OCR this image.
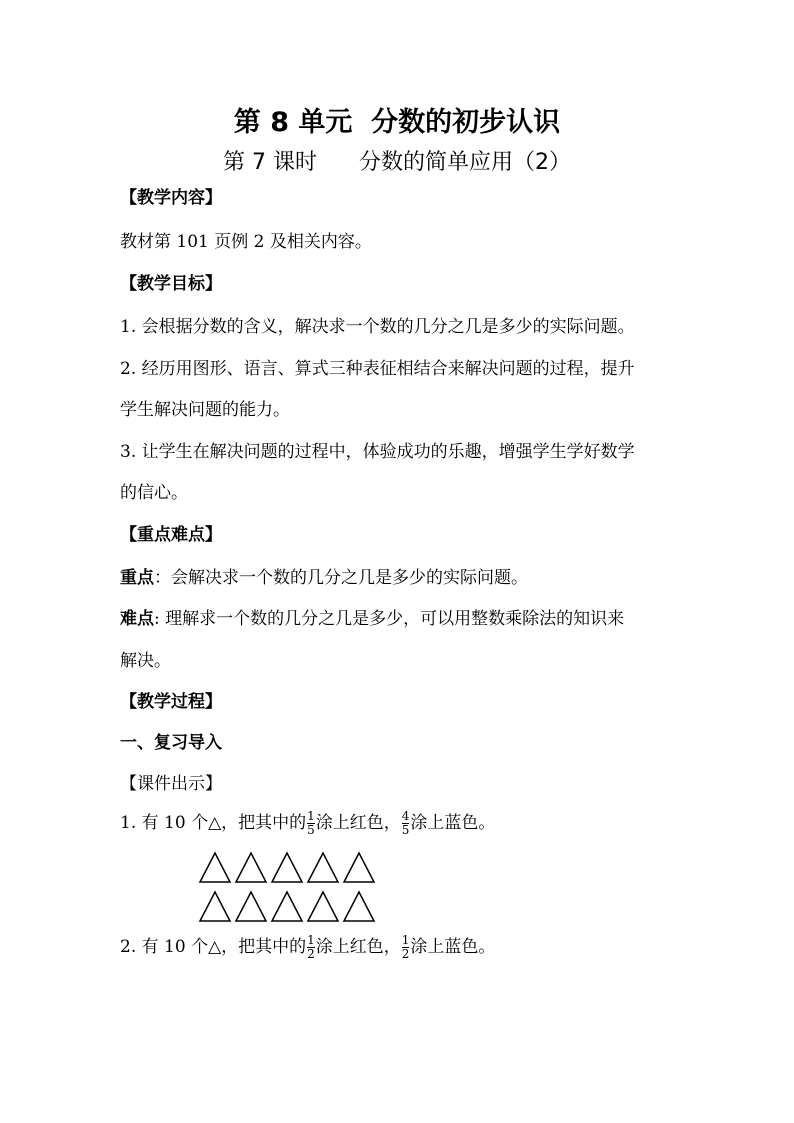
第 8 单元  分数的初步认识
第 7 课时      分数的简单应用（2）
【教学内容】
教材第 101 页例 2 及相关内容。
【教学目标】
1. 会根据分数的含义，解决求一个数的几分之几是多少的实际问题。
2. 经历用图形、语言、算式三种表征相结合来解决问题的过程，提升
学生解决问题的能力。
3. 让学生在解决问题的过程中，体验成功的乐趣，增强学生学好数学
的信心。
【重点难点】
重点：会解决求一个数的几分之几是多少的实际问题。
难点: 理解求一个数的几分之几是多少，可以用整数乘除法的知识来
解决。
【教学过程】
一、复习导入
【课件出示】
1. 有 10 个△，把其中的 $\frac{1}{5}$ 涂上红色， $\frac{4}{5}$ 涂上蓝色。
2. 有 10 个△，把其中的 $\frac{1}{2}$ 涂上红色， $\frac{1}{2}$ 涂上蓝色。
